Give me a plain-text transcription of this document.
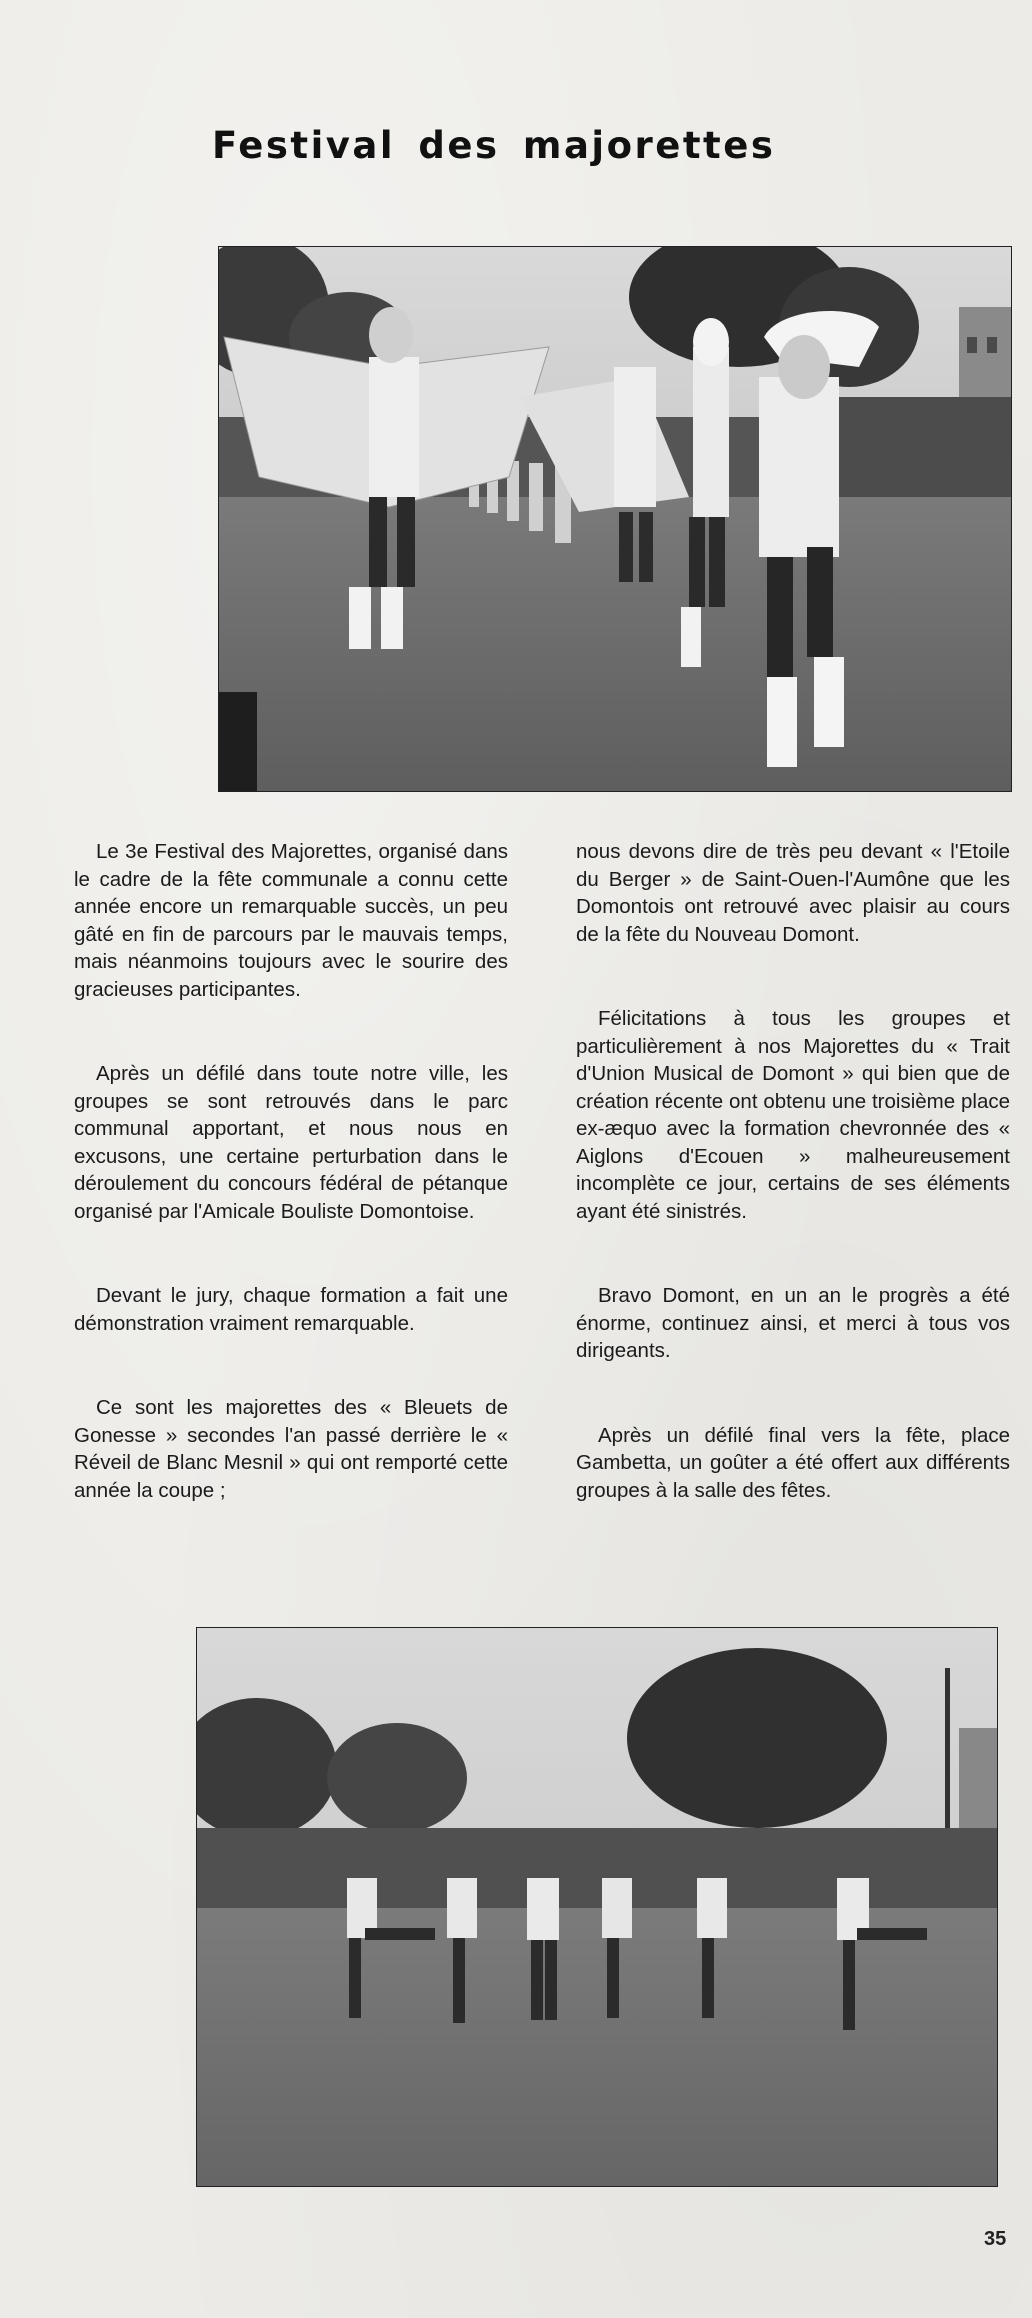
Festival des majorettes

Le 3e Festival des Majorettes, organisé dans le cadre de la fête communale a connu cette année encore un remarquable succès, un peu gâté en fin de parcours par le mauvais temps, mais néanmoins toujours avec le sourire des gracieuses participantes.

Après un défilé dans toute notre ville, les groupes se sont retrouvés dans le parc communal apportant, et nous nous en excusons, une certaine perturbation dans le déroulement du concours fédéral de pétanque organisé par l'Amicale Bouliste Domontoise.

Devant le jury, chaque formation a fait une démonstration vraiment remarquable.

Ce sont les majorettes des « Bleuets de Gonesse » secondes l'an passé derrière le « Réveil de Blanc Mesnil » qui ont remporté cette année la coupe ;

nous devons dire de très peu devant « l'Etoile du Berger » de Saint-Ouen-l'Aumône que les Domontois ont retrouvé avec plaisir au cours de la fête du Nouveau Domont.

Félicitations à tous les groupes et particulièrement à nos Majorettes du « Trait d'Union Musical de Domont » qui bien que de création récente ont obtenu une troisième place ex-æquo avec la formation chevronnée des « Aiglons d'Ecouen » malheureusement incomplète ce jour, certains de ses éléments ayant été sinistrés.

Bravo Domont, en un an le progrès a été énorme, continuez ainsi, et merci à tous vos dirigeants.

Après un défilé final vers la fête, place Gambetta, un goûter a été offert aux différents groupes à la salle des fêtes.

35
